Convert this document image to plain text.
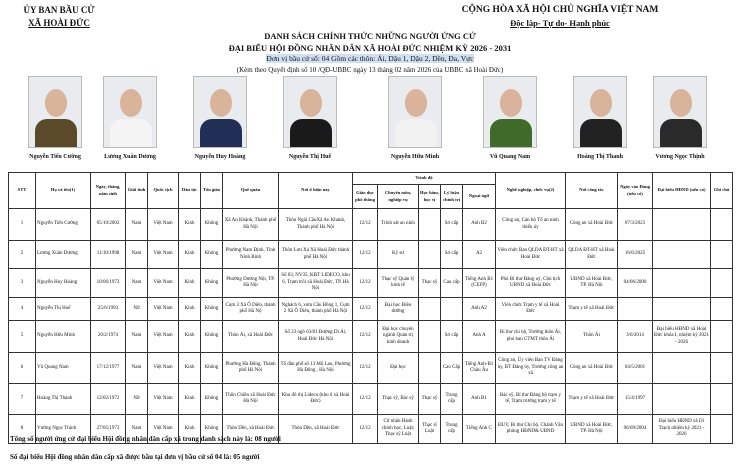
ỦY BAN BẦU CỬ
XÃ HOÀI ĐỨC
CỘNG HÒA XÃ HỘI CHỦ NGHĨA VIỆT NAM
Độc lập- Tự do- Hạnh phúc
DANH SÁCH CHÍNH THỨC NHỮNG NGƯỜI ỨNG CỬ
ĐẠI BIỂU HỘI ĐỒNG NHÂN DÂN XÃ HOÀI ĐỨC NHIỆM KỲ 2026 - 2031
Đơn vị bầu cử số: 04 Gồm các thôn: Ái, Dậu 1, Dậu 2, Dền, Đa, Vực
(Kèm theo Quyết định số 10 /QĐ-UBBC ngày 13 tháng 02 năm 2026 của UBBC xã Hoài Đức)
Nguyễn Tiến Cường	Lương Xuân Dương	Nguyễn Huy Hoàng	Nguyễn Thị Huế	Nguyễn Hữu Minh	Vũ Quang Nam	Hoàng Thị Thanh	Vương Ngọc Thịnh
STT	Họ và tên(1)	Ngày, tháng, năm sinh	Giới tính	Quốc tịch	Dân tộc	Tôn giáo	Quê quán	Nơi ở hiện nay	Trình độ					Nghề nghiệp, chức vụ(2)	Nơi công tác	Ngày vào Đảng (nếu có)	Đại biểu HĐND (nếu có)	Ghi chú
									Giáo dục phổ thông	Chuyên môn, nghiệp vụ	Học hàm, học vị	Lý luận chính trị	Ngoại ngữ					
1	Nguyễn Tiến Cường	05/10/2002	Nam	Việt Nam	Kinh	Không	Xã An Khánh, Thành phố Hà Nội	Thôn Ngải CầuXã An Khánh, Thành phố Hà Nội	12/12	Trinh sát an ninh		Sơ cấp	Anh B2	Công an, Cán bộ Tổ an ninh thiếu úy	Công an xã Hoài Đức	07/3/2023		
2	Lương Xuân Dương	11/10/1998	Nam	Việt Nam	Kinh	Không	Phường Nam Định, Tỉnh Ninh Bình	Thôn Lưu Xá Xã Hoài Đức thành phố Hà Nội	12/12	Kỹ sư		Sơ cấp	A2	Viên chức Ban QLDA ĐT-HT xã Hoài Đức	QLDA ĐT-HT xã Hoài Đức	16/6/2025		
3	Nguyễn Huy Hoàng	10/06/1973	Nam	Việt Nam	Kinh	Không	Phường Dương Nội, TP. Hà Nội	Số 03, NV35, KĐT LIDECO, khu 6, Trạm trôi xã Hoài Đức, TP. Hà Nội	12/12	Thạc sỹ Quản lý kinh tế	Thạc sỹ	Cao cấp	Tiếng Anh B1 (CEFP)	Phó Bí thư Đảng uỷ, Chủ tịch UBND xã Hoài Đức	UBND xã Hoài Đức, TP. Hà Nội	04/06/2000		
4	Nguyễn Thị Huế	25/6/1993	Nữ	Việt Nam	Kinh	Không	Cụm 2 Xã Ô Diên, thành phố Hà Nộ	Nghách 6, xóm Cầu Bồng 1, Cụm 2 Xã Ô Diên, thành phố Hà Nội	12/12	Đại học Điều dưỡng			Anh A2	Viên chức Trạm y tế xã Hoài Đức	Trạm y tế xã Hoài Đức			
5	Nguyễn Hữu Minh	20/2/1974	Nam	Việt Nam	Kinh	Không	Thôn Ái, xã Hoài Đức	Số 23 ngõ 63/81 Đường Di Ái, Hoài Đức Hà Nội	12/12	Đại học chuyên ngành Quản trị kinh doanh		Sơ cấp	Anh A	Bí thư chi bộ, Trưởng thôn Ái, phó ban CTMT thôn Ái	Thôn Ái	3/6/2014	Đại biểu HĐND xã Hoài Đức khóa I, nhiệm kỳ 2021 - 2026	
6	Vũ Quang Nam	17/12/1977	Nam	Việt Nam	Kinh	Không	Phường Hà Đông, Thành phố Hà Nội	Tổ dân phố số 13 Mộ Lao, Phường Hà Đông , Hà Nội	12/12	Đại học		Cao Cấp	Tiếng Anh-B1 Châu Âu	Công an, Ủy viên Ban TV Đảng ủy, BT Đảng ủy, Trưởng công an xã	Công an xã Hoài Đức	04/5/2001		
7	Hoàng Thị Thanh	12/02/1972	Nữ	Việt Nam	Kinh	Không	Thôn Chiền xã Hoài Đức Hà Nội	Khu đô thị Lideco (khu 6 xã Hoài Đức)	12/12	Thạc sỹ, Bác sỹ	Thạc sỹ	Trung cấp	Anh B1	Bác sỹ, Bí thư Đảng bộ trạm y tế, Trạm trưởng trạm y tế	Trạm y tế xã Hoài Đức	15/4/1997		
8	Vương Ngọc Thịnh	27/05/1973	Nam	Việt Nam	Kinh	Không	Thôn Dền, xã Hoài Đức	Thôn Dền, xã Hoài Đức	12/12	Cử nhân Hành chính học, Luật; Thạc sỹ Luật	Thạc sĩ Luật	Trung cấp	Tiếng Anh C	ĐUV, Bí thư Chi bộ, Chánh Văn phòng HĐND& UBND	UBND xã Hoài Đức, TP. Hà Nội	06/09/2004	Đại biểu HĐND xã Di Trạch nhiệm kỳ 2021 - 2026	
Tổng số người ứng cử đại biểu Hội đồng nhân dân cấp xã trong danh sách này là: 08 người
Số đại biểu Hội đồng nhân dân cấp xã được bầu tại đơn vị bầu cử số 04 là: 05 người
